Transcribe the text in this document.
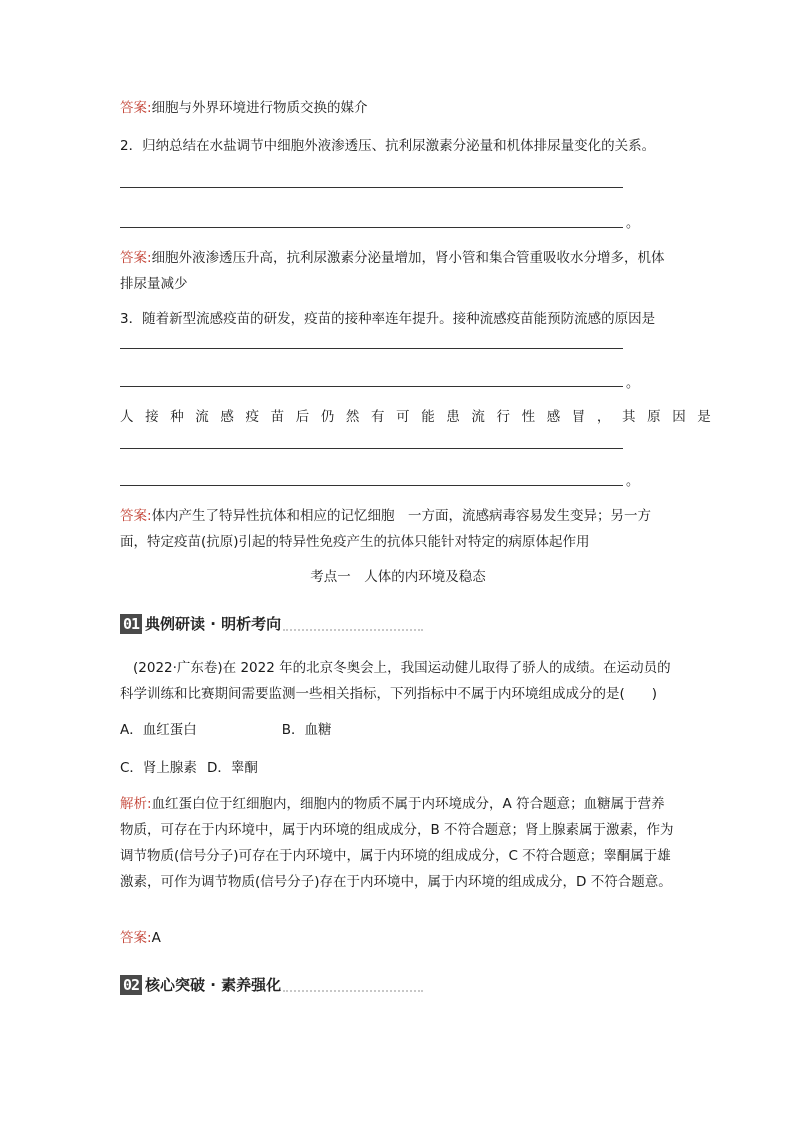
答案:细胞与外界环境进行物质交换的媒介
2．归纳总结在水盐调节中细胞外液渗透压、抗利尿激素分泌量和机体排尿量变化的关系。
。
答案:细胞外液渗透压升高，抗利尿激素分泌量增加，肾小管和集合管重吸收水分增多，机体排尿量减少
3．随着新型流感疫苗的研发，疫苗的接种率连年提升。接种流感疫苗能预防流感的原因是
。
人接种流感疫苗后仍然有可能患流行性感冒，其原因是
。
答案:体内产生了特异性抗体和相应的记忆细胞　一方面，流感病毒容易发生变异；另一方面，特定疫苗(抗原)引起的特异性免疫产生的抗体只能针对特定的病原体起作用
考点一　人体的内环境及稳态
01 典例研读 · 明析考向
(2022·广东卷)在 2022 年的北京冬奥会上，我国运动健儿取得了骄人的成绩。在运动员的科学训练和比赛期间需要监测一些相关指标，下列指标中不属于内环境组成成分的是(　　)
A．血红蛋白	B．血糖
C．肾上腺素 D．睾酮
解析:血红蛋白位于红细胞内，细胞内的物质不属于内环境成分，A 符合题意；血糖属于营养物质，可存在于内环境中，属于内环境的组成成分，B 不符合题意；肾上腺素属于激素，作为调节物质(信号分子)可存在于内环境中，属于内环境的组成成分，C 不符合题意；睾酮属于雄激素，可作为调节物质(信号分子)存在于内环境中，属于内环境的组成成分，D 不符合题意。
答案:A
02 核心突破 · 素养强化
